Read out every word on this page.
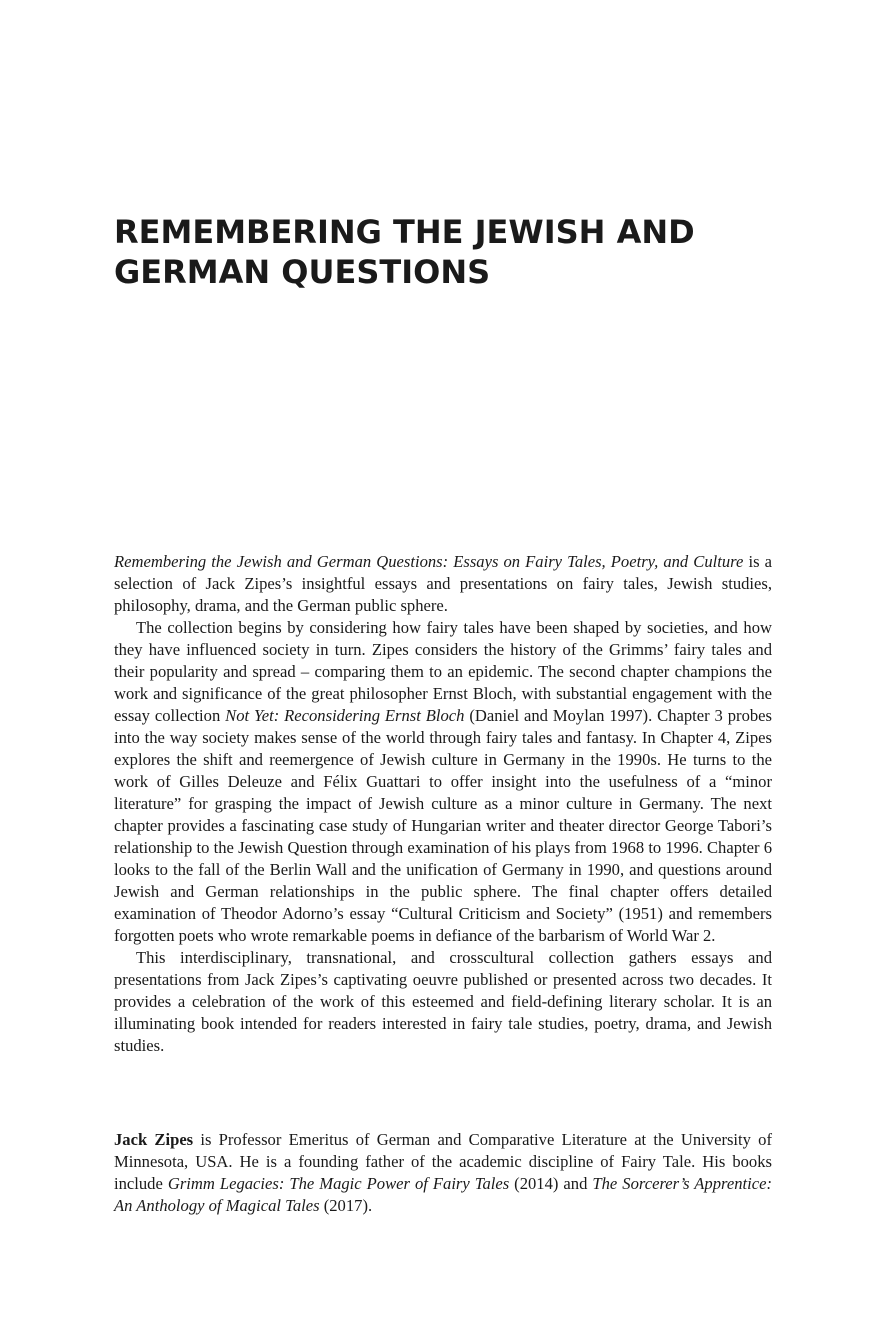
REMEMBERING THE JEWISH AND
GERMAN QUESTIONS

Remembering the Jewish and German Questions: Essays on Fairy Tales, Poetry, and Culture is a selection of Jack Zipes’s insightful essays and presentations on fairy tales, Jewish studies, philosophy, drama, and the German public sphere.

The collection begins by considering how fairy tales have been shaped by societies, and how they have influenced society in turn. Zipes considers the history of the Grimms’ fairy tales and their popularity and spread – comparing them to an epidemic. The second chapter champions the work and significance of the great philosopher Ernst Bloch, with substantial engagement with the essay collection Not Yet: Reconsidering Ernst Bloch (Daniel and Moylan 1997). Chapter 3 probes into the way society makes sense of the world through fairy tales and fantasy. In Chapter 4, Zipes explores the shift and reemergence of Jewish culture in Germany in the 1990s. He turns to the work of Gilles Deleuze and Félix Guattari to offer insight into the usefulness of a “minor literature” for grasping the impact of Jewish culture as a minor culture in Germany. The next chapter provides a fascinating case study of Hungarian writer and theater director George Tabori’s relationship to the Jewish Question through examination of his plays from 1968 to 1996. Chapter 6 looks to the fall of the Berlin Wall and the unification of Germany in 1990, and questions around Jewish and German relationships in the public sphere. The final chapter offers detailed examination of Theodor Adorno’s essay “Cultural Criticism and Society” (1951) and remembers forgotten poets who wrote remarkable poems in defiance of the barbarism of World War 2.

This interdisciplinary, transnational, and crosscultural collection gathers essays and presentations from Jack Zipes’s captivating oeuvre published or presented across two decades. It provides a celebration of the work of this esteemed and field-defining literary scholar. It is an illuminating book intended for readers interested in fairy tale studies, poetry, drama, and Jewish studies.

Jack Zipes is Professor Emeritus of German and Comparative Literature at the University of Minnesota, USA. He is a founding father of the academic discipline of Fairy Tale. His books include Grimm Legacies: The Magic Power of Fairy Tales (2014) and The Sorcerer’s Apprentice: An Anthology of Magical Tales (2017).
